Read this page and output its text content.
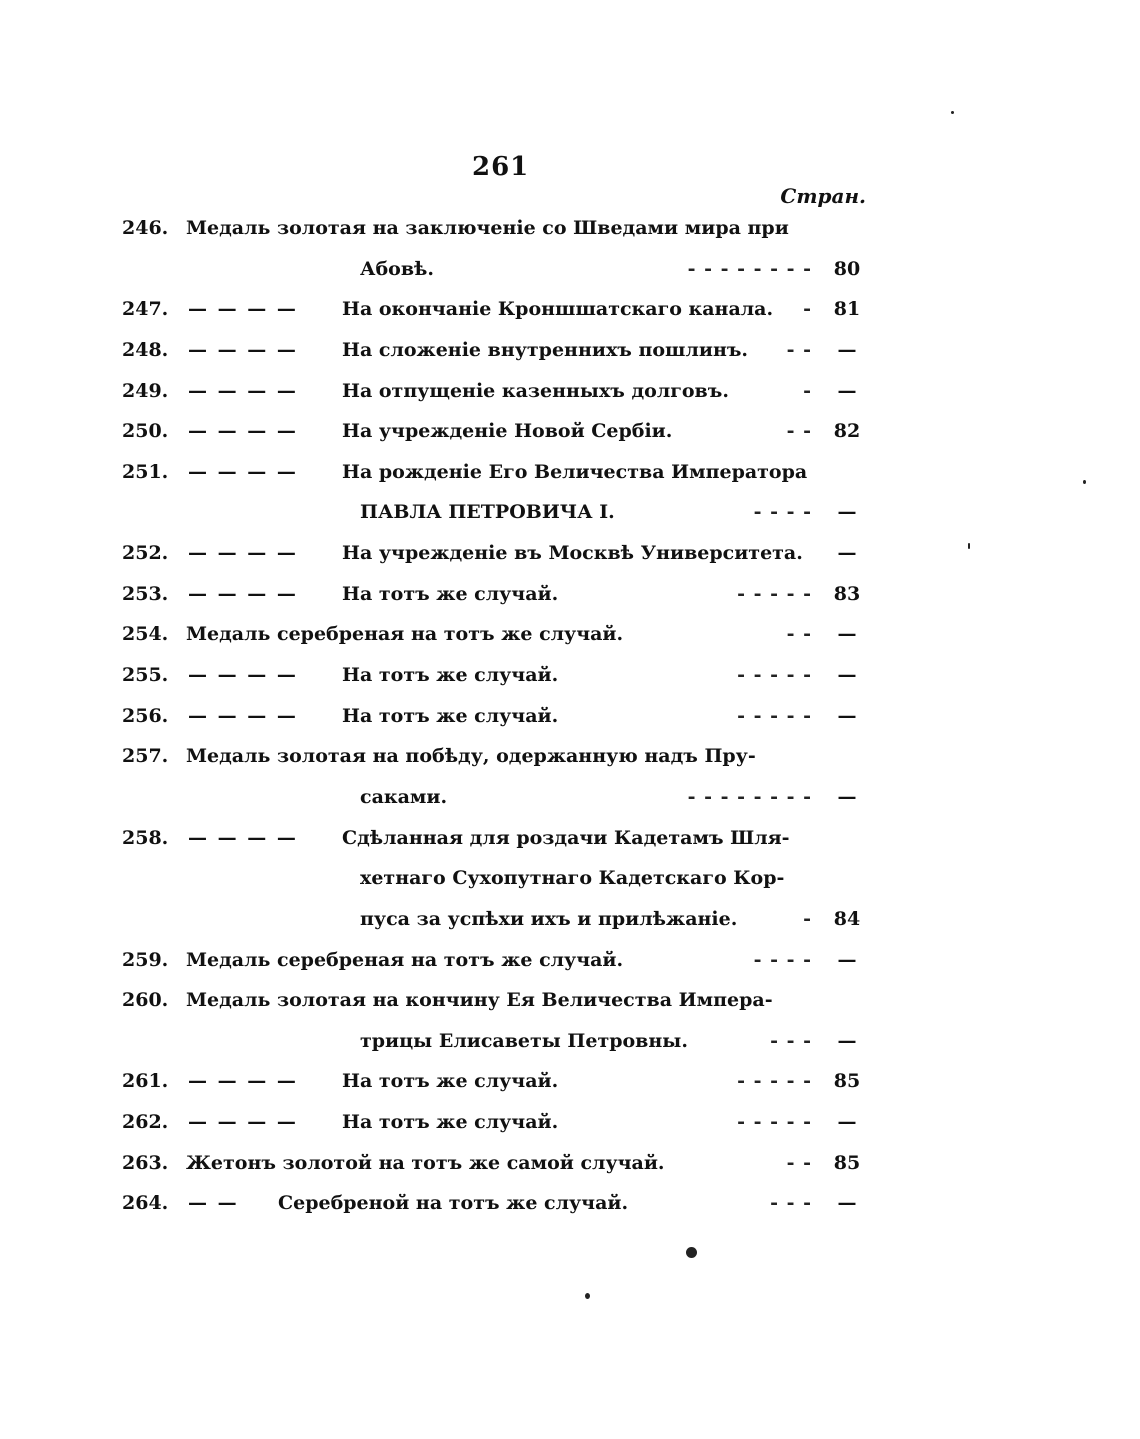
261
Стран.
246. Медаль золотая на заключеніе со Шведами мира при
Абовѣ.	- - - - - - - -	80
247.	— — — — На окончаніе Кроншшатскаго канала. -	81
248.	— — — — На сложеніе внутреннихъ пошлинъ. - -	—
249.	— — — — На отпущеніе казенныхъ долговъ.	-	—
250.	— — — — На учрежденіе Новой Сербіи.	- -	82
251.	— — — — На рожденіе Его Величества Императора
ПАВЛА ПЕТРОВИЧА I.	- - - -	—
252.	— — — — На учрежденіе въ Москвѣ Университета.	—
253.	— — — — На тотъ же случай.	- - - - -	83
254. Медаль серебреная на тотъ же случай.	- -	—
255.	— — — — На тотъ же случай.	- - - - -	—
256.	— — — — На тотъ же случай.	- - - - -	—
257. Медаль золотая на побѣду, одержанную надъ Пру-
саками.	- - - - - - - -	—
258.	— — — — Сдѣланная для роздачи Кадетамъ Шля-
хетнаго Сухопутнаго Кадетскаго Кор-
пуса за успѣхи ихъ и прилѣжаніе.	-	84
259. Медаль серебреная на тотъ же случай.	- - - -	—
260. Медаль золотая на кончину Ея Величества Импера-
трицы Елисаветы Петровны.	- - -	—
261.	— — — — На тотъ же случай.	- - - - -	85
262.	— — — — На тотъ же случай.	- - - - -	—
263. Жетонъ золотой на тотъ же самой случай.	- -	85
264.	— — Серебреной на тотъ же случай.	- - -	—
